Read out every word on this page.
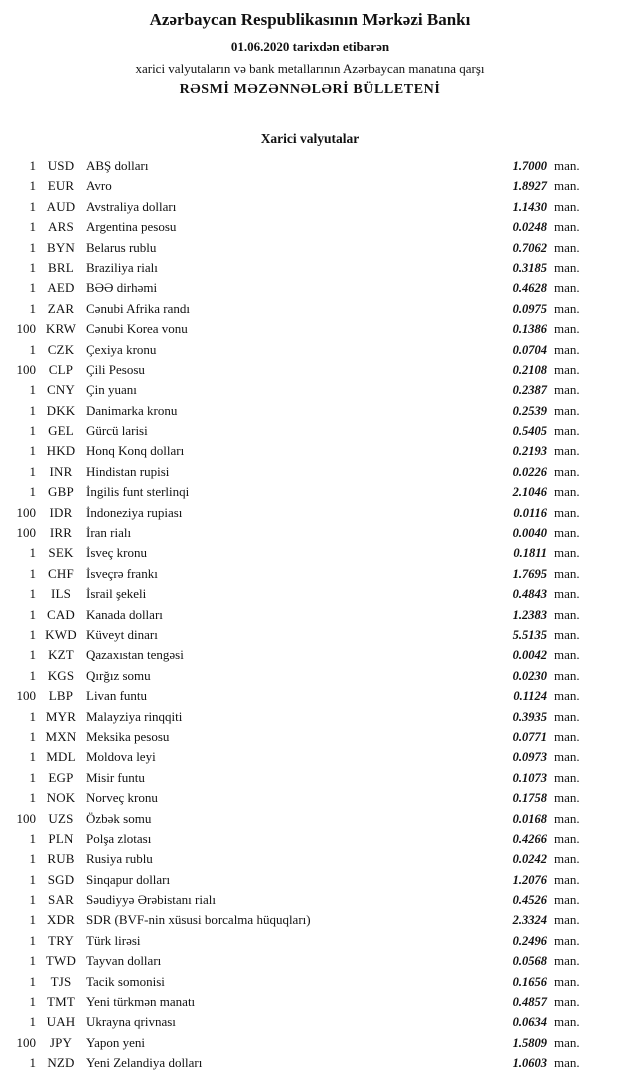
Azərbaycan Respublikasının Mərkəzi Bankı
01.06.2020 tarixdən etibarən
xarici valyutaların və bank metallarının Azərbaycan manatına qarşı
RƏSMİ MƏZƏNNƏLƏRİ BÜLLETENİ
Xarici valyutalar
1 USD ABŞ dolları	1.7000 man.
1 EUR Avro	1.8927 man.
1 AUD Avstraliya dolları	1.1430 man.
1 ARS Argentina pesosu	0.0248 man.
1 BYN Belarus rublu	0.7062 man.
1 BRL Braziliya rialı	0.3185 man.
1 AED BƏƏ dirhəmi	0.4628 man.
1 ZAR Cənubi Afrika randı	0.0975 man.
100 KRW Cənubi Korea vonu	0.1386 man.
1 CZK Çexiya kronu	0.0704 man.
100 CLP Çili Pesosu	0.2108 man.
1 CNY Çin yuanı	0.2387 man.
1 DKK Danimarka kronu	0.2539 man.
1 GEL Gürcü larisi	0.5405 man.
1 HKD Honq Konq dolları	0.2193 man.
1	INR	Hindistan rupisi	0.0226 man.
1 GBP İngilis funt sterlinqi	2.1046 man.
100	IDR	İndoneziya rupiası	0.0116 man.
100	IRR	İran rialı	0.0040 man.
1 SEK İsveç kronu	0.1811 man.
1 CHF İsveçrə frankı	1.7695 man.
1	ILS	İsrail şekeli	0.4843 man.
1 CAD Kanada dolları	1.2383 man.
1 KWD Küveyt dinarı	5.5135 man.
1 KZT Qazaxıstan tengəsi	0.0042 man.
1 KGS Qırğız somu	0.0230 man.
100 LBP Livan funtu	0.1124 man.
1 MYR Malayziya rinqqiti	0.3935 man.
1 MXN Meksika pesosu	0.0771 man.
1 MDL Moldova leyi	0.0973 man.
1 EGP Misir funtu	0.1073 man.
1 NOK Norveç kronu	0.1758 man.
100 UZS Özbək somu	0.0168 man.
1 PLN Polşa zlotası	0.4266 man.
1 RUB Rusiya rublu	0.0242 man.
1 SGD Sinqapur dolları	1.2076 man.
1 SAR Səudiyyə Ərəbistanı rialı	0.4526 man.
1 XDR SDR (BVF-nin xüsusi borcalma hüquqları)	2.3324 man.
1 TRY Türk lirəsi	0.2496 man.
1 TWD Tayvan dolları	0.0568 man.
1	TJS	Tacik somonisi	0.1656 man.
1 TMT Yeni türkmən manatı	0.4857 man.
1 UAH Ukrayna qrivnası	0.0634 man.
100	JPY	Yapon yeni	1.5809 man.
1 NZD Yeni Zelandiya dolları	1.0603 man.
